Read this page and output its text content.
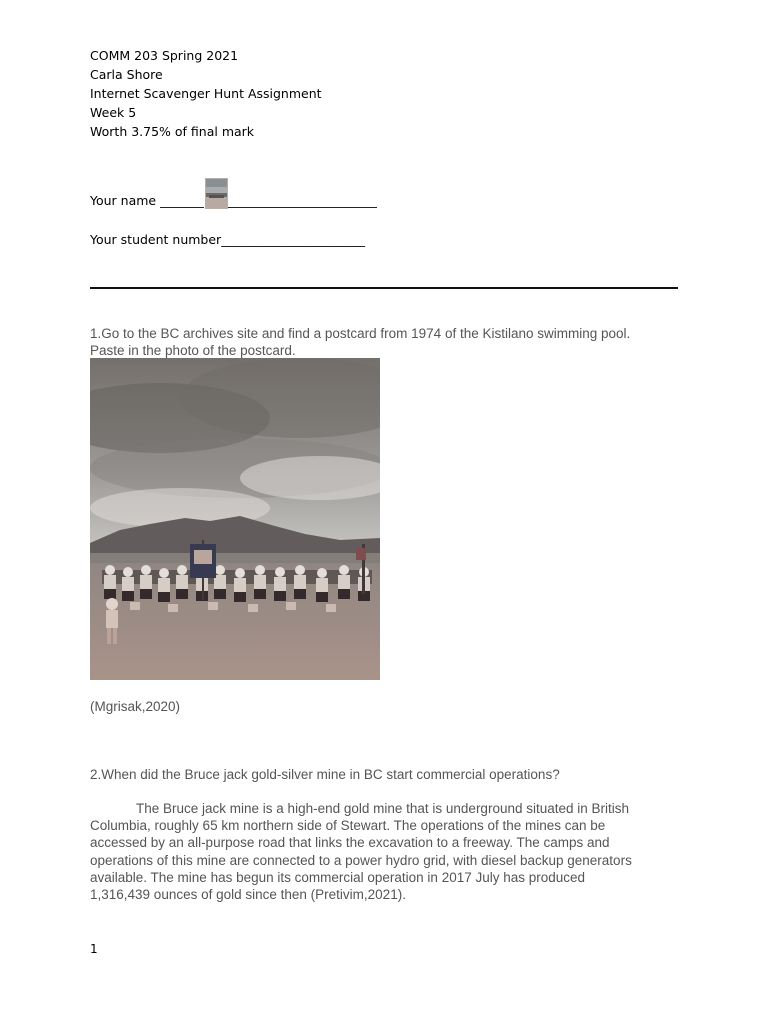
COMM 203 Spring 2021
Carla Shore
Internet Scavenger Hunt Assignment
Week 5
Worth 3.75% of final mark
Your name _______ ________________________
Your student number_______________________
1.Go to the BC archives site and find a postcard from 1974 of the Kistilano swimming pool.
Paste in the photo of the postcard.
(Mgrisak,2020)
2.When did the Bruce jack gold-silver mine in BC start commercial operations?
The Bruce jack mine is a high-end gold mine that is underground situated in British
Columbia, roughly 65 km northern side of Stewart. The operations of the mines can be
accessed by an all-purpose road that links the excavation to a freeway. The camps and
operations of this mine are connected to a power hydro grid, with diesel backup generators
available. The mine has begun its commercial operation in 2017 July has produced
1,316,439 ounces of gold since then (Pretivim,2021).
1
